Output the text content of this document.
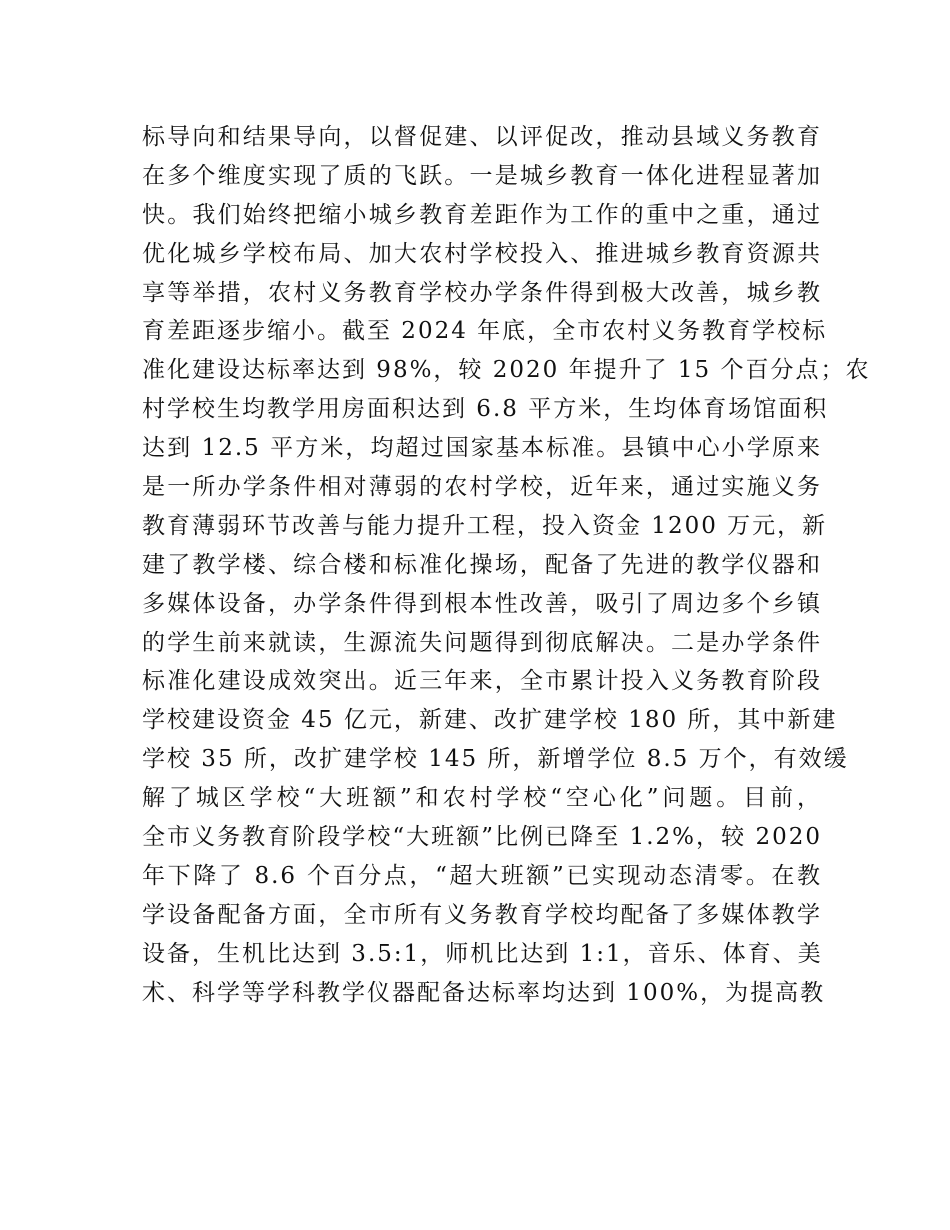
标导向和结果导向，以督促建、以评促改，推动县域义务教育
在多个维度实现了质的飞跃。一是城乡教育一体化进程显著加
快。我们始终把缩小城乡教育差距作为工作的重中之重，通过
优化城乡学校布局、加大农村学校投入、推进城乡教育资源共
享等举措，农村义务教育学校办学条件得到极大改善，城乡教
育差距逐步缩小。截至 2024 年底，全市农村义务教育学校标
准化建设达标率达到 98%，较 2020 年提升了 15 个百分点；农
村学校生均教学用房面积达到 6.8 平方米，生均体育场馆面积
达到 12.5 平方米，均超过国家基本标准。县镇中心小学原来
是一所办学条件相对薄弱的农村学校，近年来，通过实施义务
教育薄弱环节改善与能力提升工程，投入资金 1200 万元，新
建了教学楼、综合楼和标准化操场，配备了先进的教学仪器和
多媒体设备，办学条件得到根本性改善，吸引了周边多个乡镇
的学生前来就读，生源流失问题得到彻底解决。二是办学条件
标准化建设成效突出。近三年来，全市累计投入义务教育阶段
学校建设资金 45 亿元，新建、改扩建学校 180 所，其中新建
学校 35 所，改扩建学校 145 所，新增学位 8.5 万个，有效缓
解了城区学校“大班额”和农村学校“空心化”问题。目前，
全市义务教育阶段学校“大班额”比例已降至 1.2%，较 2020
年下降了 8.6 个百分点，“超大班额”已实现动态清零。在教
学设备配备方面，全市所有义务教育学校均配备了多媒体教学
设备，生机比达到 3.5:1，师机比达到 1:1，音乐、体育、美
术、科学等学科教学仪器配备达标率均达到 100%，为提高教
